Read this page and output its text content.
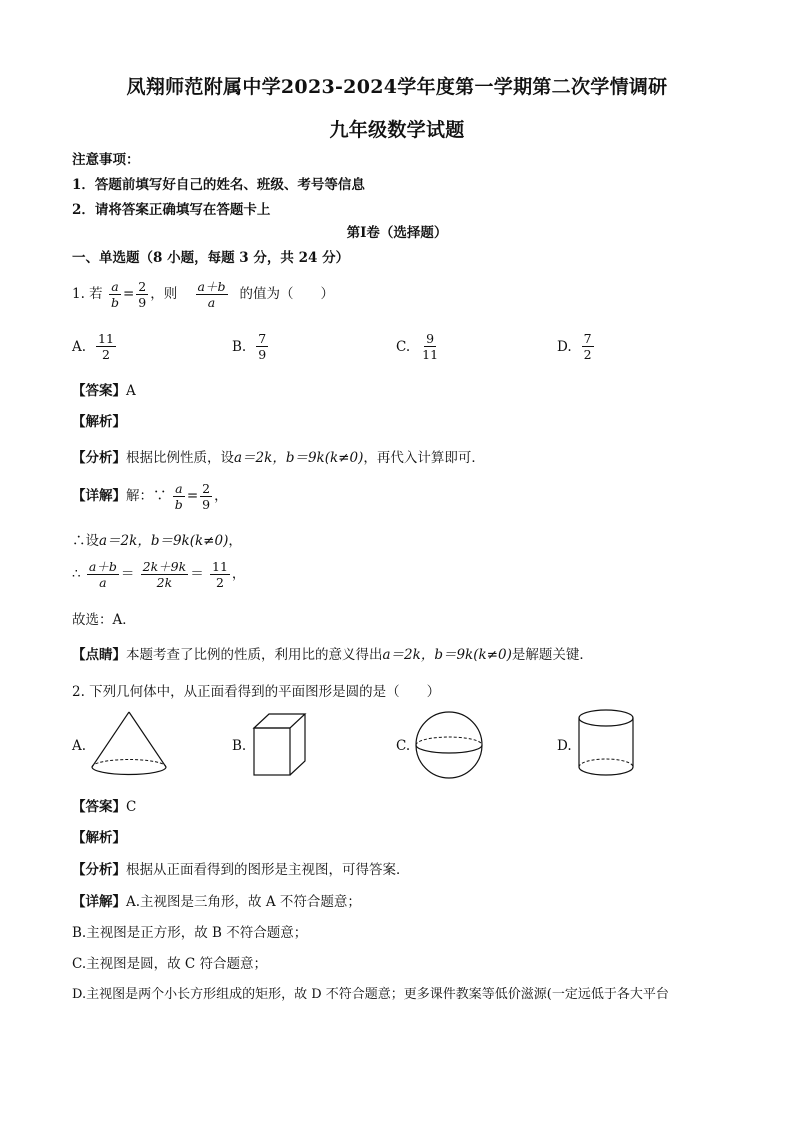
凤翔师范附属中学2023-2024学年度第一学期第二次学情调研
九年级数学试题
注意事项：
1．答题前填写好自己的姓名、班级、考号等信息
2．请将答案正确填写在答题卡上
第Ⅰ卷（选择题）
一、单选题（8 小题，每题 3 分，共 24 分）
1. 若 $\frac{a}{b} = \frac{2}{9}$ ，则 $\frac{a+b}{a}$ 的值为（　　）
A. $\frac{11}{2}$	B. $\frac{7}{9}$	C. $\frac{9}{11}$	D. $\frac{7}{2}$
【答案】A
【解析】
【分析】根据比例性质，设a＝2k，b＝9k(k≠0)，再代入计算即可．
【详解】解：∵ $\frac{a}{b} = \frac{2}{9}$ ，
∴设a＝2k，b＝9k(k≠0)，
∴ $\frac{a+b}{a} = \frac{2k+9k}{2k} = \frac{11}{2}$ ，
故选：A．
【点睛】本题考查了比例的性质，利用比的意义得出a＝2k，b＝9k(k≠0)是解题关键．
2. 下列几何体中，从正面看得到的平面图形是圆的是（　　）
A.	B.	C.	D.
【答案】C
【解析】
【分析】根据从正面看得到的图形是主视图，可得答案．
【详解】A.主视图是三角形，故 A 不符合题意；
B.主视图是正方形，故 B 不符合题意；
C.主视图是圆，故 C 符合题意；
D.主视图是两个小长方形组成的矩形，故 D 不符合题意；更多课件教案等低价滋源(一定远低于各大平台
